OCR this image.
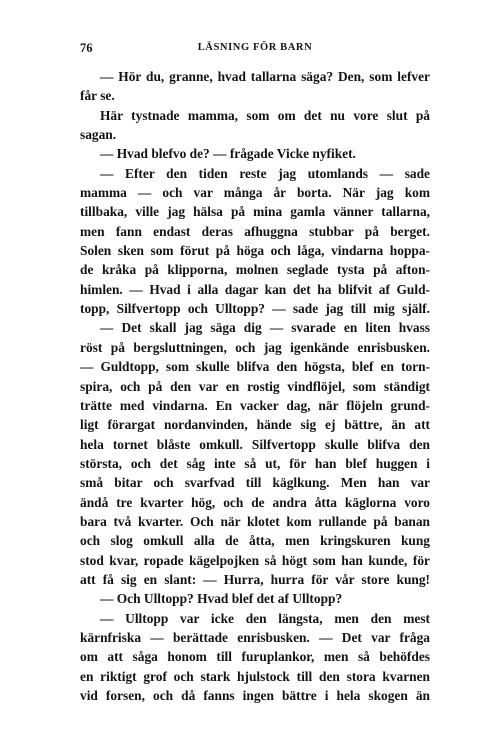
76	LÄSNING FÖR BARN
— Hör du, granne, hvad tallarna säga? Den, som lefver
får se.
Här tystnade mamma, som om det nu vore slut på
sagan.
— Hvad blefvo de? — frågade Vicke nyfiket.
— Efter den tiden reste jag utomlands — sade
mamma — och var många år borta. När jag kom
tillbaka, ville jag hälsa på mina gamla vänner tallarna,
men fann endast deras afhuggna stubbar på berget.
Solen sken som förut på höga och låga, vindarna hoppa-
de kråka på klipporna, molnen seglade tysta på afton-
himlen. — Hvad i alla dagar kan det ha blifvit af Guld-
topp, Silfvertopp och Ulltopp? — sade jag till mig själf.
— Det skall jag säga dig — svarade en liten hvass
röst på bergsluttningen, och jag igenkände enrisbusken.
— Guldtopp, som skulle blifva den högsta, blef en torn-
spira, och på den var en rostig vindflöjel, som ständigt
trätte med vindarna. En vacker dag, när flöjeln grund-
ligt förargat nordanvinden, hände sig ej bättre, än att
hela tornet blåste omkull. Silfvertopp skulle blifva den
största, och det såg inte så ut, för han blef huggen i
små bitar och svarfvad till käglkung. Men han var
ändå tre kvarter hög, och de andra åtta käglorna voro
bara två kvarter. Och när klotet kom rullande på banan
och slog omkull alla de åtta, men kringskuren kung
stod kvar, ropade kägelpojken så högt som han kunde, för
att få sig en slant: — Hurra, hurra för vår store kung!
— Och Ulltopp? Hvad blef det af Ulltopp?
— Ulltopp var icke den längsta, men den mest
kärnfriska — berättade enrisbusken. — Det var fråga
om att såga honom till furuplankor, men så behöfdes
en riktigt grof och stark hjulstock till den stora kvarnen
vid forsen, och då fanns ingen bättre i hela skogen än
